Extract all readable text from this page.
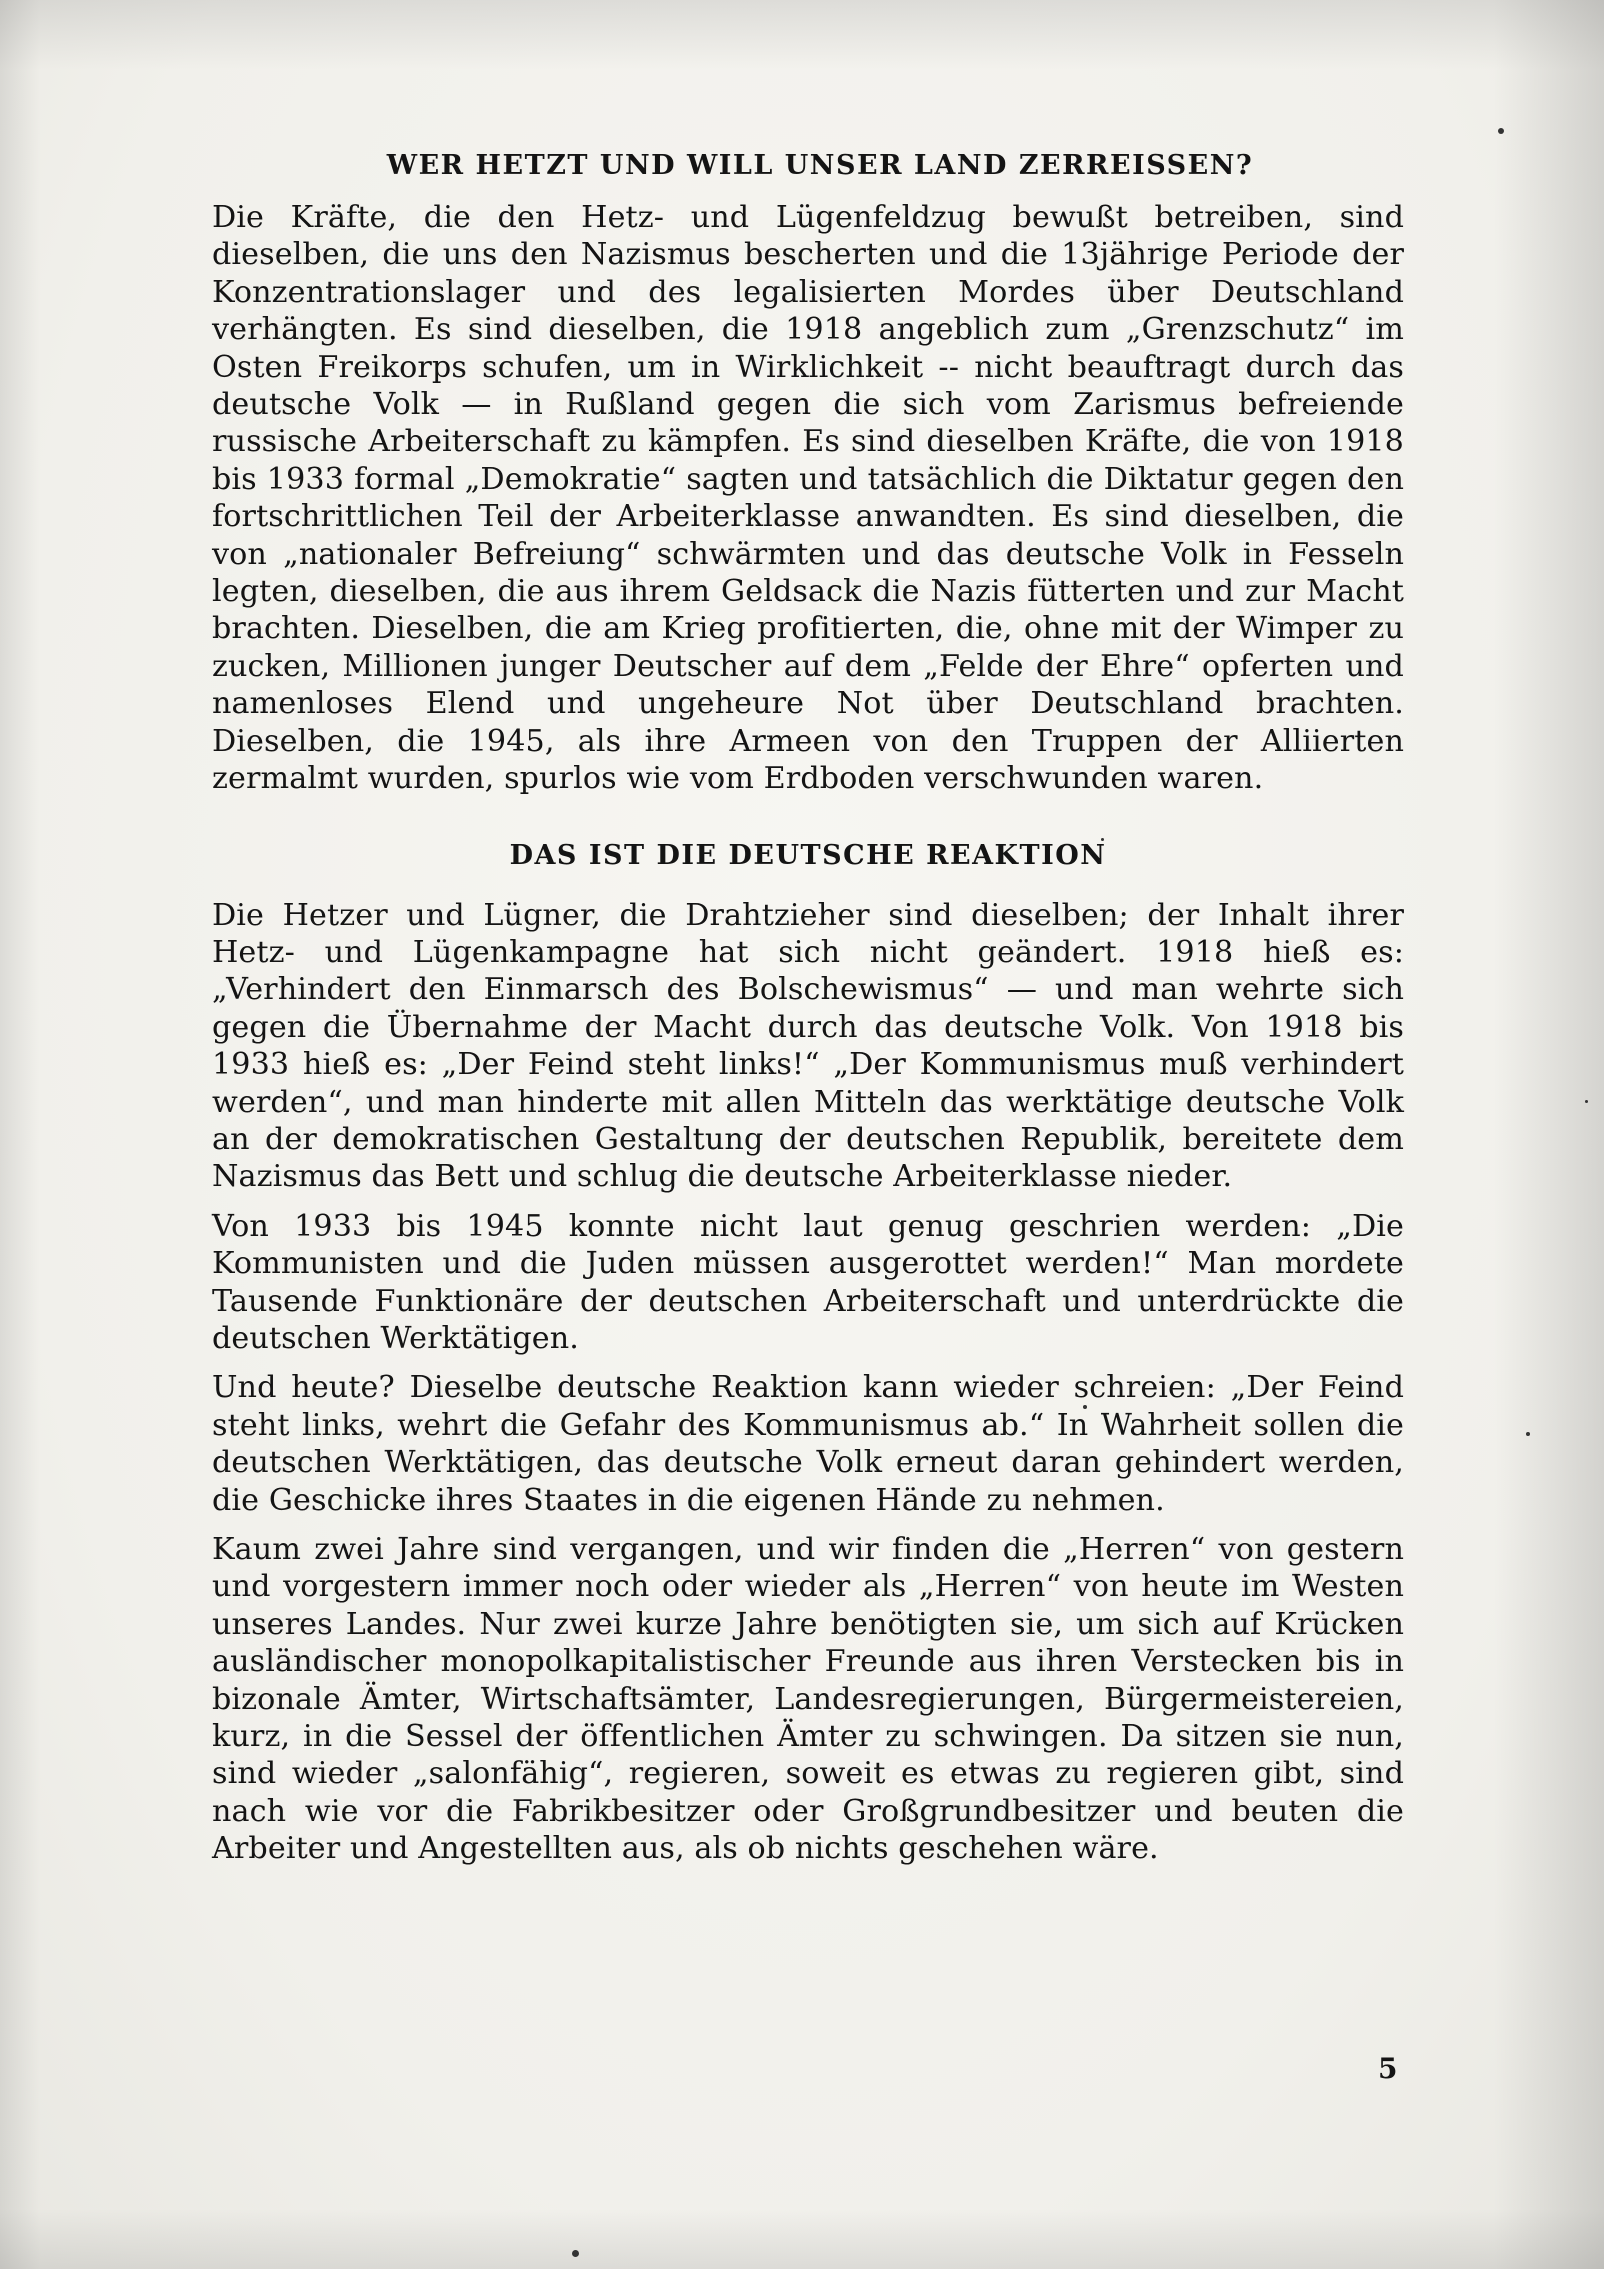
WER HETZT UND WILL UNSER LAND ZERREISSEN?

Die Kräfte, die den Hetz- und Lügenfeldzug bewußt betreiben, sind dieselben, die uns den Nazismus bescherten und die 13jährige Periode der Konzentrationslager und des legalisierten Mordes über Deutschland verhängten. Es sind dieselben, die 1918 angeblich zum „Grenzschutz“ im Osten Freikorps schufen, um in Wirklichkeit -- nicht beauftragt durch das deutsche Volk — in Rußland gegen die sich vom Zarismus befreiende russische Arbeiterschaft zu kämpfen. Es sind dieselben Kräfte, die von 1918 bis 1933 formal „Demokratie“ sagten und tatsächlich die Diktatur gegen den fortschrittlichen Teil der Arbeiterklasse anwandten. Es sind dieselben, die von „nationaler Befreiung“ schwärmten und das deutsche Volk in Fesseln legten, dieselben, die aus ihrem Geldsack die Nazis fütterten und zur Macht brachten. Dieselben, die am Krieg profitierten, die, ohne mit der Wimper zu zucken, Millionen junger Deutscher auf dem „Felde der Ehre“ opferten und namenloses Elend und ungeheure Not über Deutschland brachten. Dieselben, die 1945, als ihre Armeen von den Truppen der Alliierten zermalmt wurden, spurlos wie vom Erdboden verschwunden waren.

DAS IST DIE DEUTSCHE REAKTION

Die Hetzer und Lügner, die Drahtzieher sind dieselben; der Inhalt ihrer Hetz- und Lügenkampagne hat sich nicht geändert. 1918 hieß es: „Verhindert den Einmarsch des Bolschewismus“ — und man wehrte sich gegen die Übernahme der Macht durch das deutsche Volk. Von 1918 bis 1933 hieß es: „Der Feind steht links!“ „Der Kommunismus muß verhindert werden“, und man hinderte mit allen Mitteln das werktätige deutsche Volk an der demokratischen Gestaltung der deutschen Republik, bereitete dem Nazismus das Bett und schlug die deutsche Arbeiterklasse nieder.

Von 1933 bis 1945 konnte nicht laut genug geschrien werden: „Die Kommunisten und die Juden müssen ausgerottet werden!“ Man mordete Tausende Funktionäre der deutschen Arbeiterschaft und unterdrückte die deutschen Werktätigen.

Und heute? Dieselbe deutsche Reaktion kann wieder schreien: „Der Feind steht links, wehrt die Gefahr des Kommunismus ab.“ In Wahrheit sollen die deutschen Werktätigen, das deutsche Volk erneut daran gehindert werden, die Geschicke ihres Staates in die eigenen Hände zu nehmen.

Kaum zwei Jahre sind vergangen, und wir finden die „Herren“ von gestern und vorgestern immer noch oder wieder als „Herren“ von heute im Westen unseres Landes. Nur zwei kurze Jahre benötigten sie, um sich auf Krücken ausländischer monopolkapitalistischer Freunde aus ihren Verstecken bis in bizonale Ämter, Wirtschaftsämter, Landesregierungen, Bürgermeistereien, kurz, in die Sessel der öffentlichen Ämter zu schwingen. Da sitzen sie nun, sind wieder „salonfähig“, regieren, soweit es etwas zu regieren gibt, sind nach wie vor die Fabrikbesitzer oder Großgrundbesitzer und beuten die Arbeiter und Angestellten aus, als ob nichts geschehen wäre.

5
